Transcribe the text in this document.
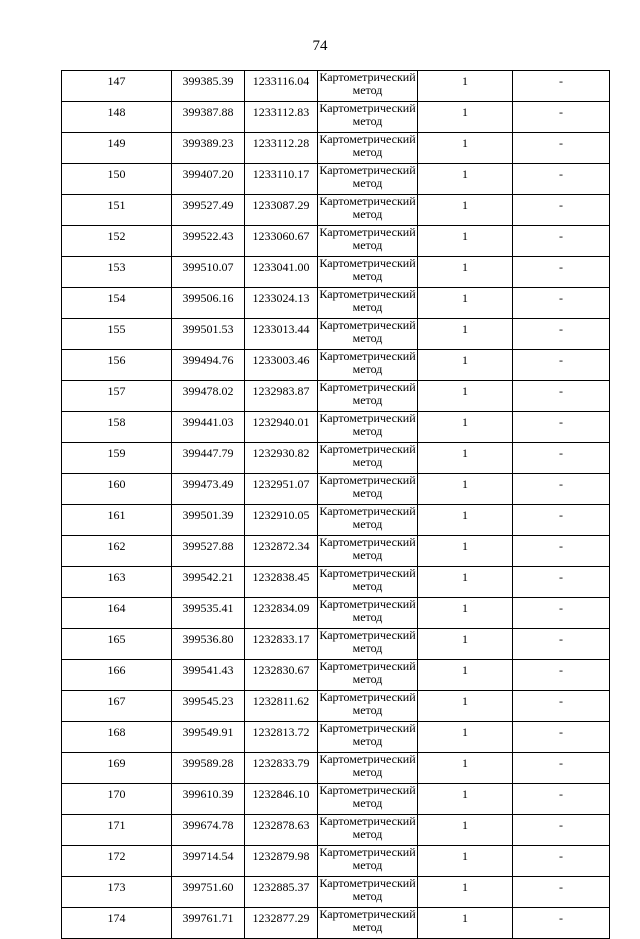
74
147	399385.39	1233116.04	Картометрический метод	1	-
148	399387.88	1233112.83	Картометрический метод	1	-
149	399389.23	1233112.28	Картометрический метод	1	-
150	399407.20	1233110.17	Картометрический метод	1	-
151	399527.49	1233087.29	Картометрический метод	1	-
152	399522.43	1233060.67	Картометрический метод	1	-
153	399510.07	1233041.00	Картометрический метод	1	-
154	399506.16	1233024.13	Картометрический метод	1	-
155	399501.53	1233013.44	Картометрический метод	1	-
156	399494.76	1233003.46	Картометрический метод	1	-
157	399478.02	1232983.87	Картометрический метод	1	-
158	399441.03	1232940.01	Картометрический метод	1	-
159	399447.79	1232930.82	Картометрический метод	1	-
160	399473.49	1232951.07	Картометрический метод	1	-
161	399501.39	1232910.05	Картометрический метод	1	-
162	399527.88	1232872.34	Картометрический метод	1	-
163	399542.21	1232838.45	Картометрический метод	1	-
164	399535.41	1232834.09	Картометрический метод	1	-
165	399536.80	1232833.17	Картометрический метод	1	-
166	399541.43	1232830.67	Картометрический метод	1	-
167	399545.23	1232811.62	Картометрический метод	1	-
168	399549.91	1232813.72	Картометрический метод	1	-
169	399589.28	1232833.79	Картометрический метод	1	-
170	399610.39	1232846.10	Картометрический метод	1	-
171	399674.78	1232878.63	Картометрический метод	1	-
172	399714.54	1232879.98	Картометрический метод	1	-
173	399751.60	1232885.37	Картометрический метод	1	-
174	399761.71	1232877.29	Картометрический метод	1	-
